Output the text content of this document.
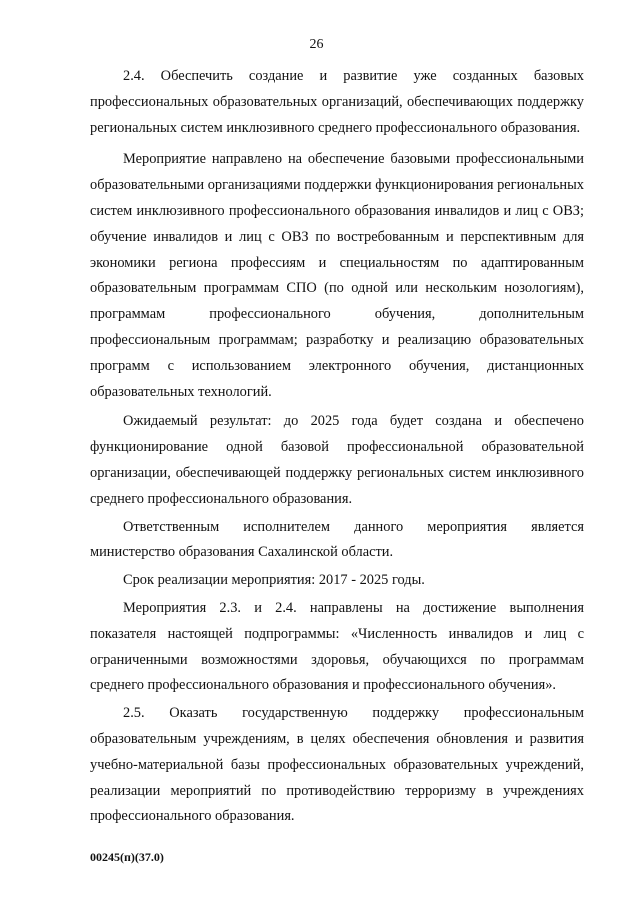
26

2.4. Обеспечить создание и развитие уже созданных базовых профессиональных образовательных организаций, обеспечивающих поддержку региональных систем инклюзивного среднего профессионального образования.

Мероприятие направлено на обеспечение базовыми профессиональными образовательными организациями поддержки функционирования региональных систем инклюзивного профессионального образования инвалидов и лиц с ОВЗ; обучение инвалидов и лиц с ОВЗ по востребованным и перспективным для экономики региона профессиям и специальностям по адаптированным образовательным программам СПО (по одной или нескольким нозологиям), программам профессионального обучения, дополнительным профессиональным программам; разработку и реализацию образовательных программ с использованием электронного обучения, дистанционных образовательных технологий.

Ожидаемый результат: до 2025 года будет создана и обеспечено функционирование одной базовой профессиональной образовательной организации, обеспечивающей поддержку региональных систем инклюзивного среднего профессионального образования.

Ответственным исполнителем данного мероприятия является министерство образования Сахалинской области.

Срок реализации мероприятия: 2017 - 2025 годы.

Мероприятия 2.3. и 2.4. направлены на достижение выполнения показателя настоящей подпрограммы: «Численность инвалидов и лиц с ограниченными возможностями здоровья, обучающихся по программам среднего профессионального образования и профессионального обучения».

2.5. Оказать государственную поддержку профессиональным образовательным учреждениям, в целях обеспечения обновления и развития учебно-материальной базы профессиональных образовательных учреждений, реализации мероприятий по противодействию терроризму в учреждениях профессионального образования.

00245(п)(37.0)
